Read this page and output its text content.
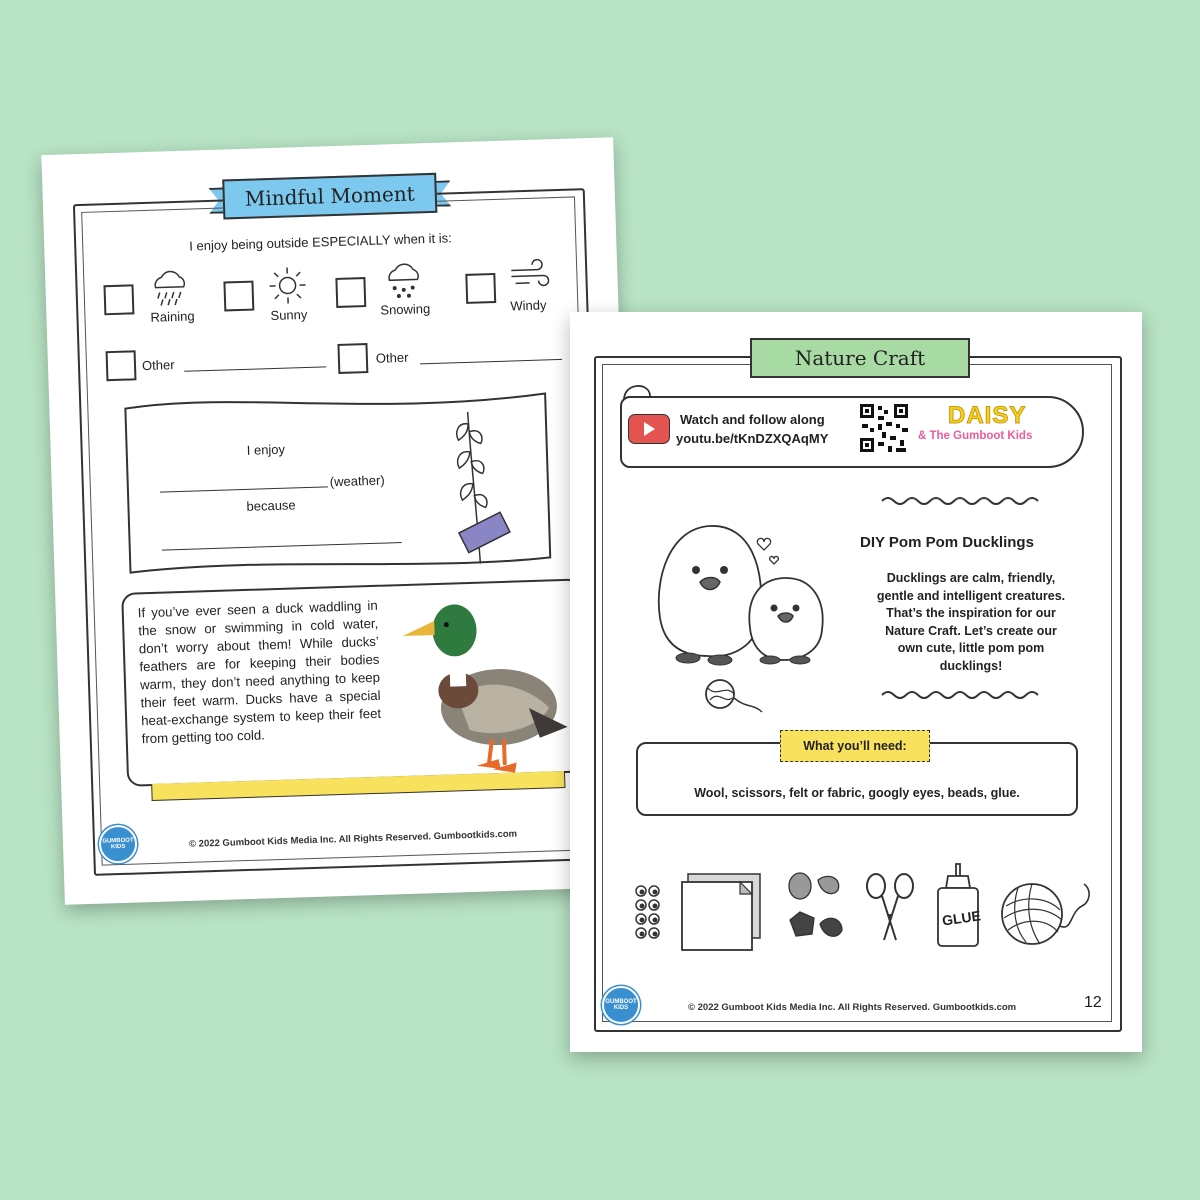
Mindful Moment
I enjoy being outside ESPECIALLY when it is:
Raining	Sunny	Snowing	Windy
Other	Other
I enjoy
(weather)
because
If you’ve ever seen a duck waddling in the snow or swimming in cold water, don’t worry about them! While ducks’ feathers are for keeping their bodies warm, they don’t need anything to keep their feet warm. Ducks have a special heat-exchange system to keep their feet from getting too cold.
GUMBOOT KIDS	© 2022 Gumboot Kids Media Inc. All Rights Reserved. Gumbootkids.com
Nature Craft
Watch and follow along
youtu.be/tKnDZXQAqMY
DAISY
& The Gumboot Kids
DIY Pom Pom Ducklings
Ducklings are calm, friendly, gentle and intelligent creatures. That’s the inspiration for our Nature Craft. Let’s create our own cute, little pom pom ducklings!
What you’ll need:
Wool, scissors, felt or fabric, googly eyes, beads, glue.
GLUE
GUMBOOT KIDS	© 2022 Gumboot Kids Media Inc. All Rights Reserved. Gumbootkids.com	12
